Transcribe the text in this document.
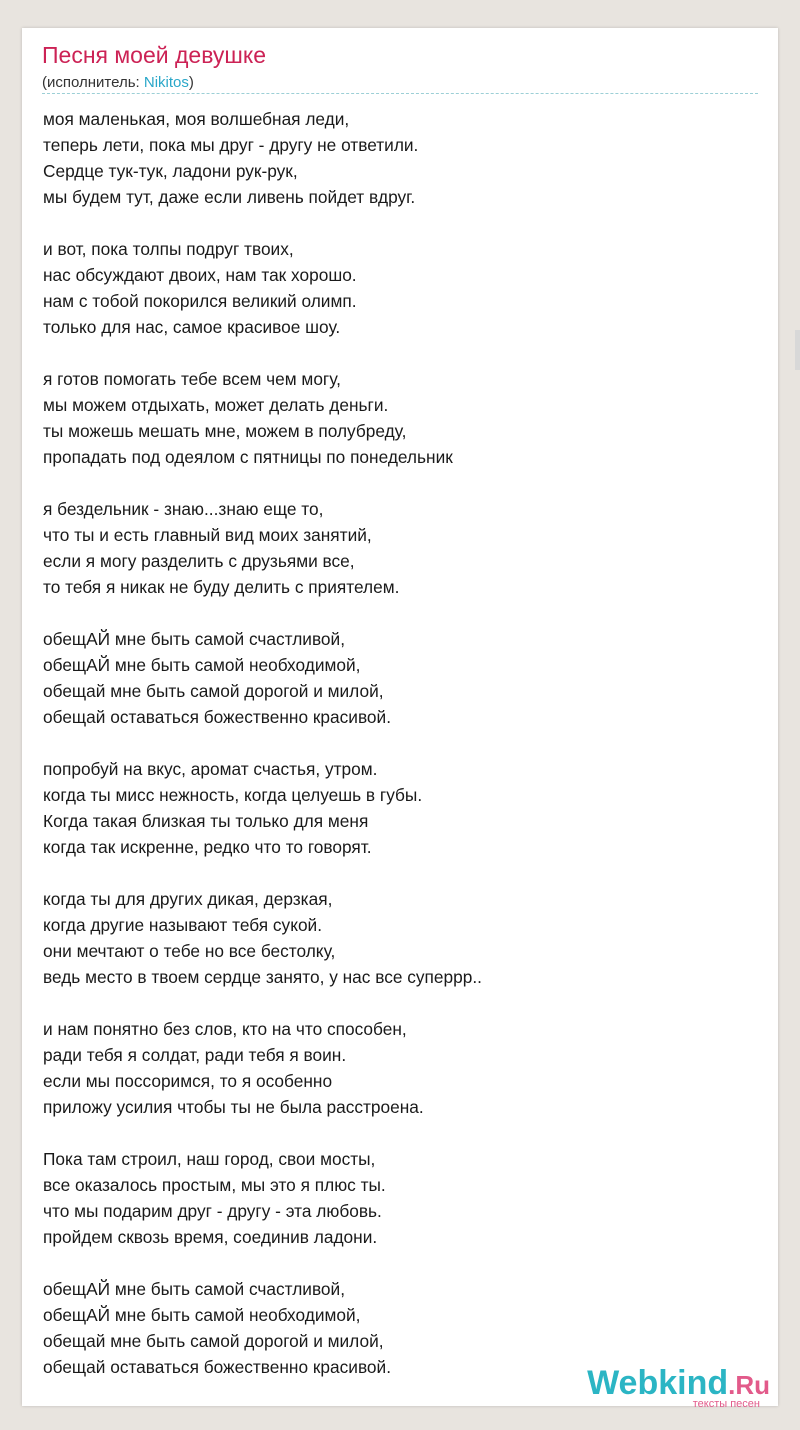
Песня моей девушке
(исполнитель: Nikitos)
моя маленькая, моя волшебная леди,
теперь лети, пока мы друг - другу не ответили.
Сердце тук-тук, ладони рук-рук,
мы будем тут, даже если ливень пойдет вдруг.
и вот, пока толпы подруг твоих,
нас обсуждают двоих, нам так хорошо.
нам с тобой покорился великий олимп.
только для нас, самое красивое шоу.
я готов помогать тебе всем чем могу,
мы можем отдыхать, может делать деньги.
ты можешь мешать мне, можем в полубреду,
пропадать под одеялом с пятницы по понедельник
я бездельник - знаю...знаю еще то,
что ты и есть главный вид моих занятий,
если я могу разделить с друзьями все,
то тебя я никак не буду делить с приятелем.
обещАЙ мне быть самой счастливой,
обещАЙ мне быть самой необходимой,
обещай мне быть самой дорогой и милой,
обещай оставаться божественно красивой.
попробуй на вкус, аромат счастья, утром.
когда ты мисс нежность, когда целуешь в губы.
Когда такая близкая ты только для меня
когда так искренне, редко что то говорят.
когда ты для других дикая, дерзкая,
когда другие называют тебя сукой.
они мечтают о тебе но все бестолку,
ведь место в твоем сердце занято, у нас все суперрр..
и нам понятно без слов, кто на что способен,
ради тебя я солдат, ради тебя я воин.
если мы поссоримся, то я особенно
приложу усилия чтобы ты не была расстроена.
Пока там строил, наш город, свои мосты,
все оказалось простым, мы это я плюс ты.
что мы подарим друг - другу - эта любовь.
пройдем сквозь время, соединив ладони.
обещАЙ мне быть самой счастливой,
обещАЙ мне быть самой необходимой,
обещай мне быть самой дорогой и милой,
обещай оставаться божественно красивой.	Webkind.Ru
тексты песен
